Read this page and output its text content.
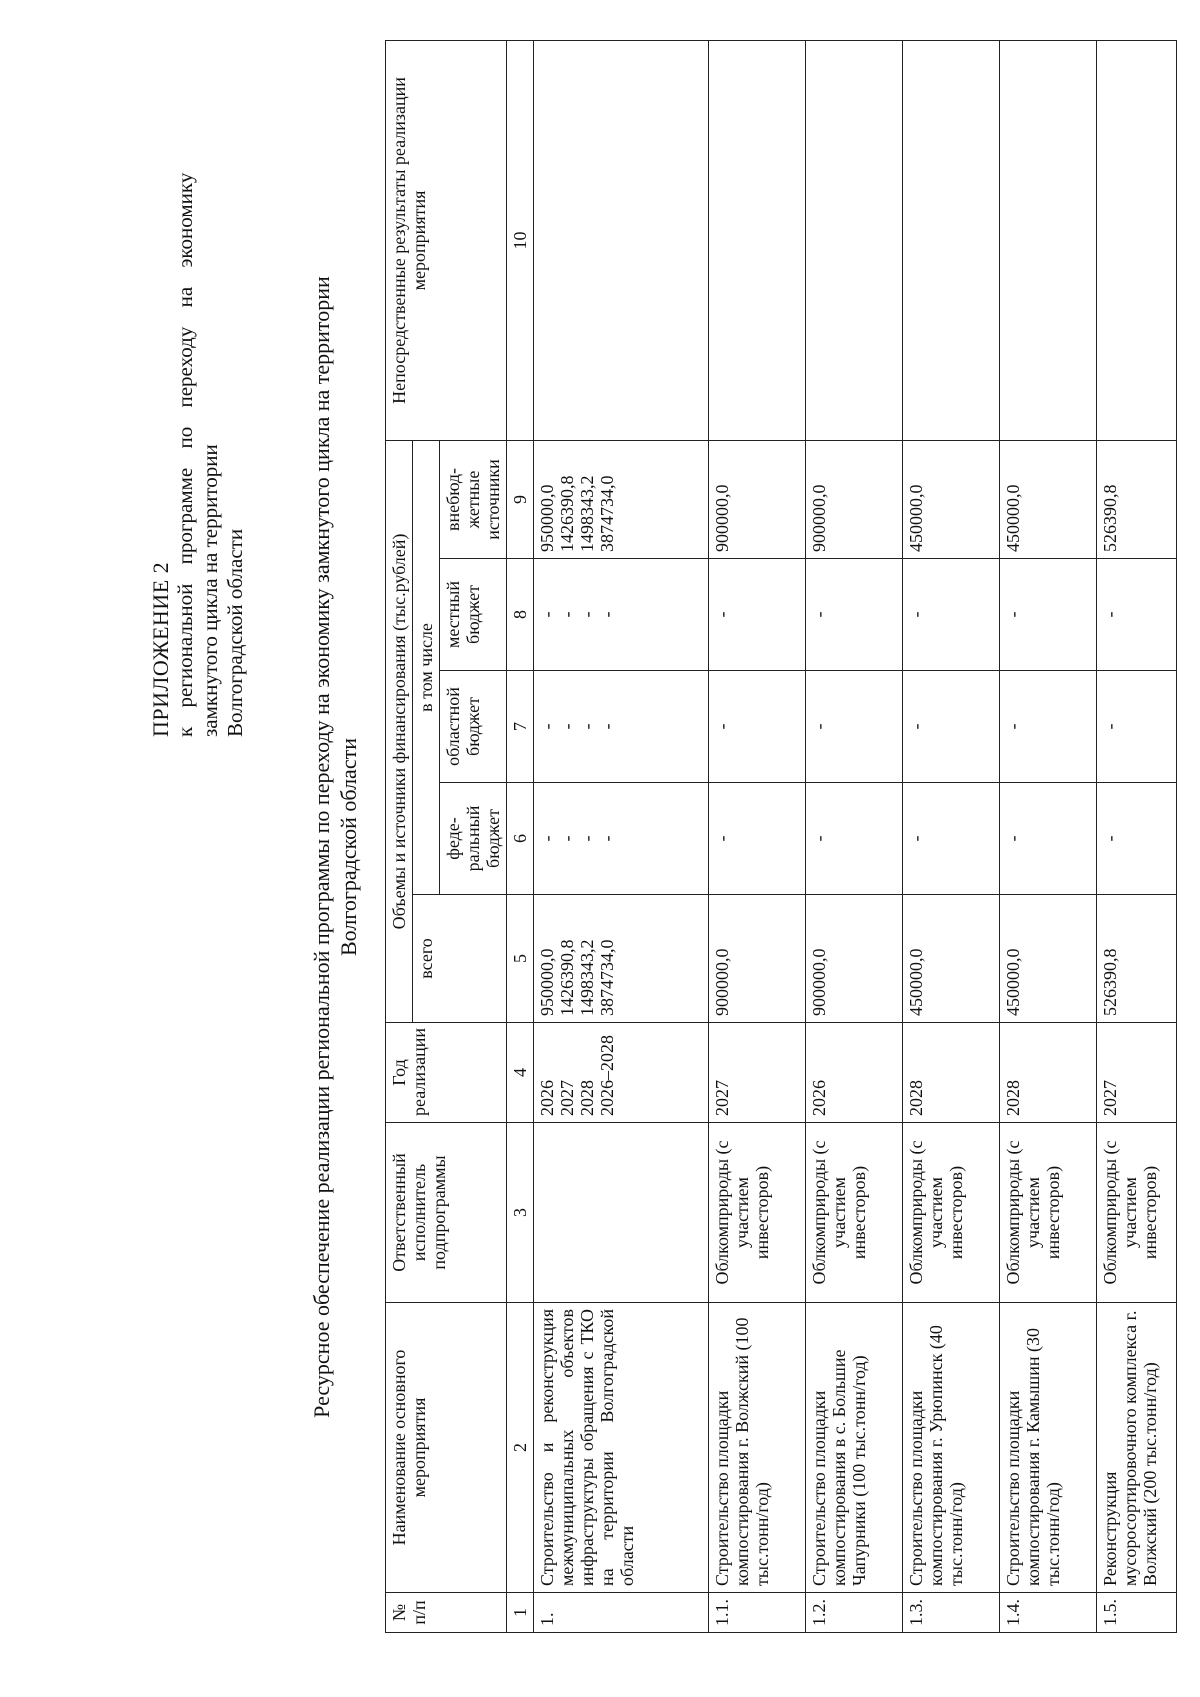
ПРИЛОЖЕНИЕ 2 к региональной программе по переходу на экономику замкнутого цикла на территории Волгоградской области	Ресурсное обеспечение реализации региональной программы по переходу на экономику замкнутого цикла на территории Волгоградской области
№ п/п	Наименование основного мероприятия	Ответственный исполнитель подпрограммы	Год реализации	Объемы и источники финансирования (тыс.рублей)					Непосредственные результаты реализации мероприятия
				всего	в том числе				
					феде-ральный бюджет	областной бюджет	местный бюджет	внебюд-жетные источники	
1	2	3	4	5	6	7	8	9	10
1.	Строительство и реконструкция межмуниципальных объектов инфраструктуры обращения с ТКО на территории Волгоградской области		2026 2027 2028 2026–2028	950000,0 1426390,8 1498343,2 3874734,0	- - - -	- - - -	- - - -	950000,0 1426390,8 1498343,2 3874734,0	

1.1.	Строительство площадки компостирования г. Волжский (100 тыс.тонн/год)	Облкомприроды (с участием инвесторов)	2027	900000,0	-	-	-	900000,0	
1.2.	Строительство площадки компостирования в с. Большие Чапурники (100 тыс.тонн/год)	Облкомприроды (с участием инвесторов)	2026	900000,0	-	-	-	900000,0	
1.3.	Строительство площадки компостирования г. Урюпинск (40 тыс.тонн/год)	Облкомприроды (с участием инвесторов)	2028	450000,0	-	-	-	450000,0	
1.4.	Строительство площадки компостирования г. Камышин (30 тыс.тонн/год)	Облкомприроды (с участием инвесторов)	2028	450000,0	-	-	-	450000,0	
1.5.	Реконструкция мусоросортировочного комплекса г. Волжский (200 тыс.тонн/год)	Облкомприроды (с участием инвесторов)	2027	526390,8	-	-	-	526390,8	
